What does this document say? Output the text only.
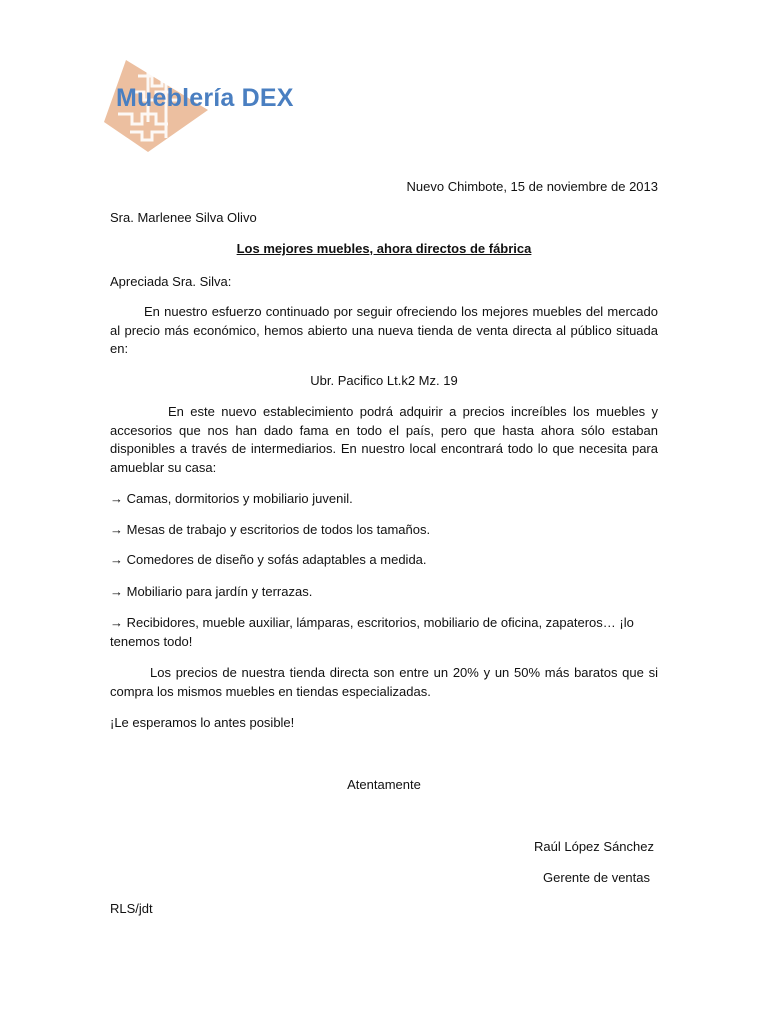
Mueblería DEX
Nuevo Chimbote, 15 de noviembre de 2013
Sra. Marlenee Silva Olivo
Los mejores muebles, ahora directos de fábrica
Apreciada Sra. Silva:
En nuestro esfuerzo continuado por seguir ofreciendo los mejores muebles del mercado al precio más económico, hemos abierto una nueva tienda de venta directa al público situada en:
Ubr. Pacifico Lt.k2 Mz. 19
En este nuevo establecimiento podrá adquirir a precios increíbles los muebles y accesorios que nos han dado fama en todo el país, pero que hasta ahora sólo estaban disponibles a través de intermediarios. En nuestro local encontrará todo lo que necesita para amueblar su casa:
→ Camas, dormitorios y mobiliario juvenil.
→ Mesas de trabajo y escritorios de todos los tamaños.
→ Comedores de diseño y sofás adaptables a medida.
→ Mobiliario para jardín y terrazas.
→ Recibidores, mueble auxiliar, lámparas, escritorios, mobiliario de oficina, zapateros… ¡lo tenemos todo!
Los precios de nuestra tienda directa son entre un 20% y un 50% más baratos que si compra los mismos muebles en tiendas especializadas.
¡Le esperamos lo antes posible!
Atentamente
Raúl López Sánchez
Gerente de ventas
RLS/jdt
